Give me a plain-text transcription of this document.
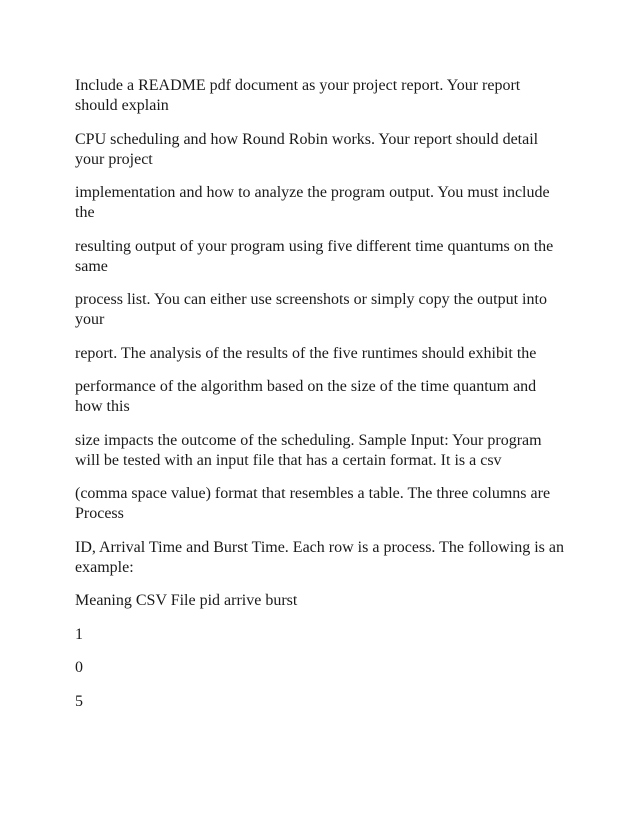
Include a README pdf document as your project report. Your report should explain

CPU scheduling and how Round Robin works. Your report should detail your project

implementation and how to analyze the program output. You must include the

resulting output of your program using five different time quantums on the same

process list. You can either use screenshots or simply copy the output into your

report. The analysis of the results of the five runtimes should exhibit the

performance of the algorithm based on the size of the time quantum and how this

size impacts the outcome of the scheduling. Sample Input: Your program will be tested with an input file that has a certain format. It is a csv

(comma space value) format that resembles a table. The three columns are Process

ID, Arrival Time and Burst Time. Each row is a process. The following is an example:

Meaning CSV File pid arrive burst

1

0

5
